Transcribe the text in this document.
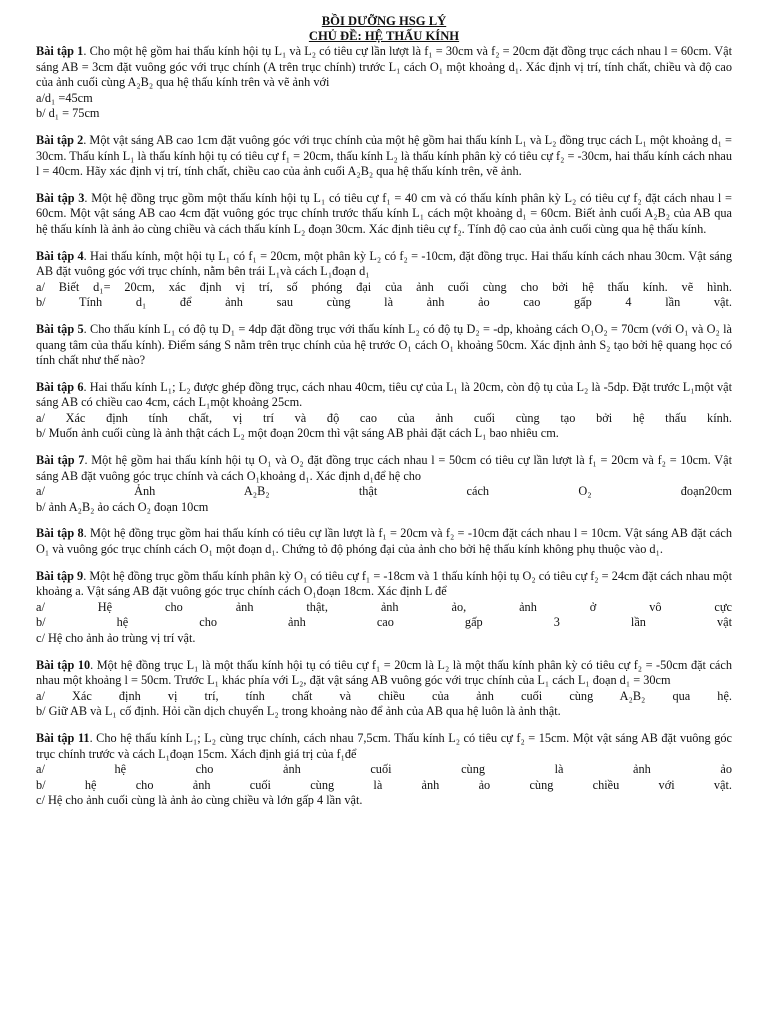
BỒI DƯỠNG HSG LÝ
CHỦ ĐỀ: HỆ THẤU KÍNH
Bài tập 1. Cho một hệ gồm hai thấu kính hội tụ L₁ và L₂ có tiêu cự lần lượt là f₁ = 30cm và f₂ = 20cm đặt đồng trục cách nhau l = 60cm. Vật sáng AB = 3cm đặt vuông góc với trục chính (A trên trục chính) trước L₁ cách O₁ một khoảng d₁. Xác định vị trí, tính chất, chiều và độ cao của ảnh cuối cùng A₂B₂ qua hệ thấu kính trên và vẽ ảnh với
a/d₁ =45cm
b/ d₁ = 75cm
Bài tập 2. Một vật sáng AB cao 1cm đặt vuông góc với trục chính của một hệ gồm hai thấu kính L₁ và L₂ đồng trục cách L₁ một khoảng d₁ = 30cm. Thấu kính L₁ là thấu kính hội tụ có tiêu cự f₁ = 20cm, thấu kính L₂ là thấu kính phân kỳ có tiêu cự f₂ = -30cm, hai thấu kính cách nhau l = 40cm. Hãy xác định vị trí, tính chất, chiều cao của ảnh cuối A₂B₂ qua hệ thấu kính trên, vẽ ảnh.
Bài tập 3. Một hệ đồng trục gồm một thấu kính hội tụ L₁ có tiêu cự f₁ = 40 cm và có thấu kính phân kỳ L₂ có tiêu cự f₂ đặt cách nhau l = 60cm. Một vật sáng AB cao 4cm đặt vuông góc trục chính trước thấu kính L₁ cách một khoảng d₁ = 60cm. Biết ảnh cuối A₂B₂ của AB qua hệ thấu kính là ảnh ảo cùng chiều và cách thấu kính L₂ đoạn 30cm. Xác định tiêu cự f₂. Tính độ cao của ảnh cuối cùng qua hệ thấu kính.
Bài tập 4. Hai thấu kính, một hội tụ L₁ có f₁ = 20cm, một phân kỳ L₂ có f₂ = -10cm, đặt đồng trục. Hai thấu kính cách nhau 30cm. Vật sáng AB đặt vuông góc với trục chính, nằm bên trái L₁và cách L₁đoạn d₁
a/ Biết d₁= 20cm, xác định vị trí, số phóng đại của ảnh cuối cùng cho bởi hệ thấu kính. vẽ hình.
b/ Tính d₁ để ảnh sau cùng là ảnh ảo cao gấp 4 lần vật.
Bài tập 5. Cho thấu kính L₁ có độ tụ D₁ = 4dp đặt đồng trục với thấu kính L₂ có độ tụ D₂ = -dp, khoảng cách O₁O₂ = 70cm (với O₁ và O₂ là quang tâm của thấu kính). Điểm sáng S nằm trên trục chính của hệ trước O₁ cách O₁ khoảng 50cm. Xác định ảnh S₂ tạo bởi hệ quang học có tính chất như thế nào?
Bài tập 6. Hai thấu kính L₁; L₂ được ghép đồng trục, cách nhau 40cm, tiêu cự của L₁ là 20cm, còn độ tụ của L₂ là -5dp. Đặt trước L₁một vật sáng AB có chiều cao 4cm, cách L₁một khoảng 25cm.
a/ Xác định tính chất, vị trí và độ cao của ảnh cuối cùng tạo bởi hệ thấu kính.
b/ Muốn ảnh cuối cùng là ảnh thật cách L₂ một đoạn 20cm thì vật sáng AB phải đặt cách L₁ bao nhiêu cm.
Bài tập 7. Một hệ gồm hai thấu kính hội tụ O₁ và O₂ đặt đồng trục cách nhau l = 50cm có tiêu cự lần lượt là f₁ = 20cm và f₂ = 10cm. Vật sáng AB đặt vuông góc trục chính và cách O₁khoảng d₁. Xác định d₁để hệ cho
a/ Ảnh A₂B₂ thật cách O₂ đoạn20cm
b/ ảnh A₂B₂ ảo cách O₂ đoạn 10cm
Bài tập 8. Một hệ đồng trục gồm hai thấu kính có tiêu cự lần lượt là f₁ = 20cm và f₂ = -10cm đặt cách nhau l = 10cm. Vật sáng AB đặt cách O₁ và vuông góc trục chính cách O₁ một đoạn d₁. Chứng tỏ độ phóng đại của ảnh cho bởi hệ thấu kính không phụ thuộc vào d₁.
Bài tập 9. Một hệ đồng trục gồm thấu kính phân kỳ O₁ có tiêu cự f₁ = -18cm và 1 thấu kính hội tụ O₂ có tiêu cự f₂ = 24cm đặt cách nhau một khoảng a. Vật sáng AB đặt vuông góc trục chính cách O₁đoạn 18cm. Xác định L để
a/ Hệ cho ảnh thật, ảnh ảo, ảnh ở vô cực
b/ hệ cho ảnh cao gấp 3 lần vật
c/ Hệ cho ảnh ảo trùng vị trí vật.
Bài tập 10. Một hệ đồng trục L₁ là một thấu kính hội tụ có tiêu cự f₁ = 20cm là L₂ là một thấu kính phân kỳ có tiêu cự f₂ = -50cm đặt cách nhau một khoảng l = 50cm. Trước L₁ khác phía với L₂, đặt vật sáng AB vuông góc với trục chính của L₁ cách L₁ đoạn d₁ = 30cm
a/ Xác định vị trí, tính chất và chiều của ảnh cuối cùng A₂B₂ qua hệ.
b/ Giữ AB và L₁ cố định. Hỏi cần dịch chuyển L₂ trong khoảng nào để ảnh của AB qua hệ luôn là ảnh thật.
Bài tập 11. Cho hệ thấu kính L₁; L₂ cùng trục chính, cách nhau 7,5cm. Thấu kính L₂ có tiêu cự f₂ = 15cm. Một vật sáng AB đặt vuông góc trục chính trước và cách L₁đoạn 15cm. Xách định giá trị của f₁để
a/ hệ cho ảnh cuối cùng là ảnh ảo
b/ hệ cho ảnh cuối cùng là ảnh ảo cùng chiều với vật.
c/ Hệ cho ảnh cuối cùng là ảnh ảo cùng chiều và lớn gấp 4 lần vật.
